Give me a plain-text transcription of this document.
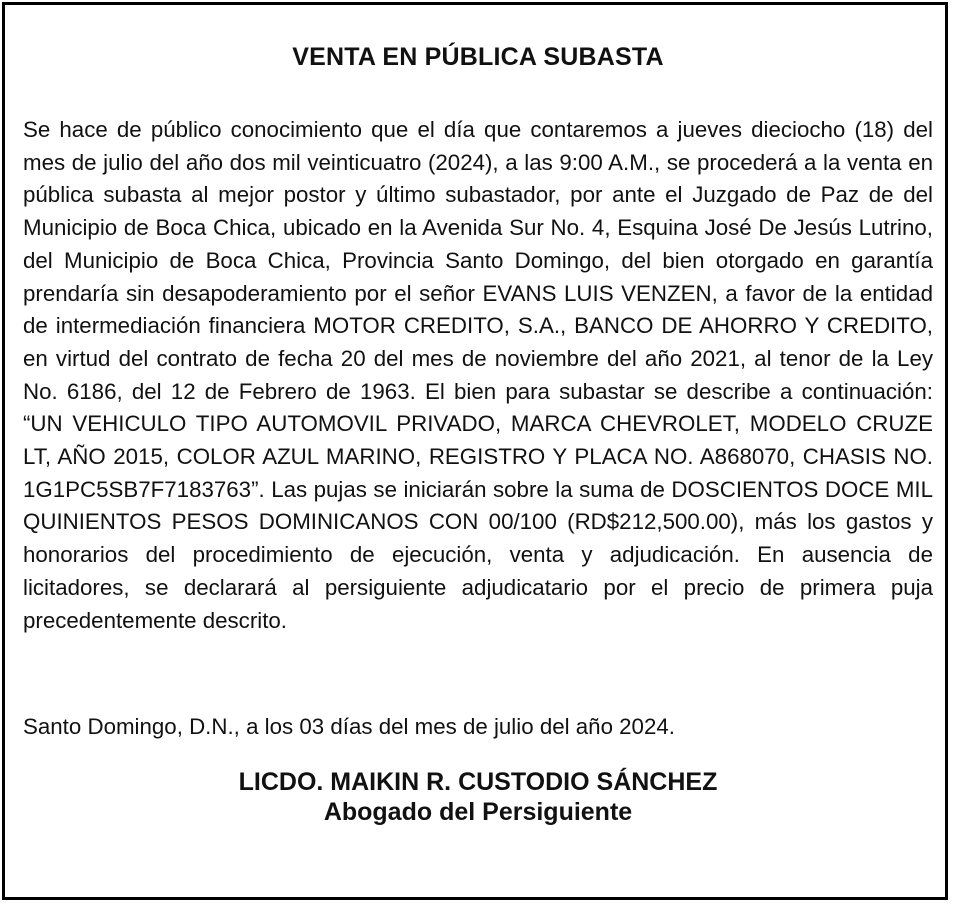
VENTA EN PÚBLICA SUBASTA

Se hace de público conocimiento que el día que contaremos a jueves dieciocho (18) del mes de julio del año dos mil veinticuatro (2024), a las 9:00 A.M., se procederá a la venta en pública subasta al mejor postor y último subastador, por ante el Juzgado de Paz de del Municipio de Boca Chica, ubicado en la Avenida Sur No. 4, Esquina José De Jesús Lutrino, del Municipio de Boca Chica, Provincia Santo Domingo, del bien otorgado en garantía prendaría sin desapoderamiento por el señor EVANS LUIS VENZEN, a favor de la entidad de intermediación financiera MOTOR CREDITO, S.A., BANCO DE AHORRO Y CREDITO, en virtud del contrato de fecha 20 del mes de noviembre del año 2021, al tenor de la Ley No. 6186, del 12 de Febrero de 1963. El bien para subastar se describe a continuación: “UN VEHICULO TIPO AUTOMOVIL PRIVADO, MARCA CHEVROLET, MODELO CRUZE LT, AÑO 2015, COLOR AZUL MARINO, REGISTRO Y PLACA NO. A868070, CHASIS NO. 1G1PC5SB7F7183763”. Las pujas se iniciarán sobre la suma de DOSCIENTOS DOCE MIL QUINIENTOS PESOS DOMINICANOS CON 00/100 (RD$212,500.00), más los gastos y honorarios del procedimiento de ejecución, venta y adjudicación. En ausencia de licitadores, se declarará al persiguiente adjudicatario por el precio de primera puja precedentemente descrito.

Santo Domingo, D.N., a los 03 días del mes de julio del año 2024.

LICDO. MAIKIN R. CUSTODIO SÁNCHEZ
Abogado del Persiguiente
